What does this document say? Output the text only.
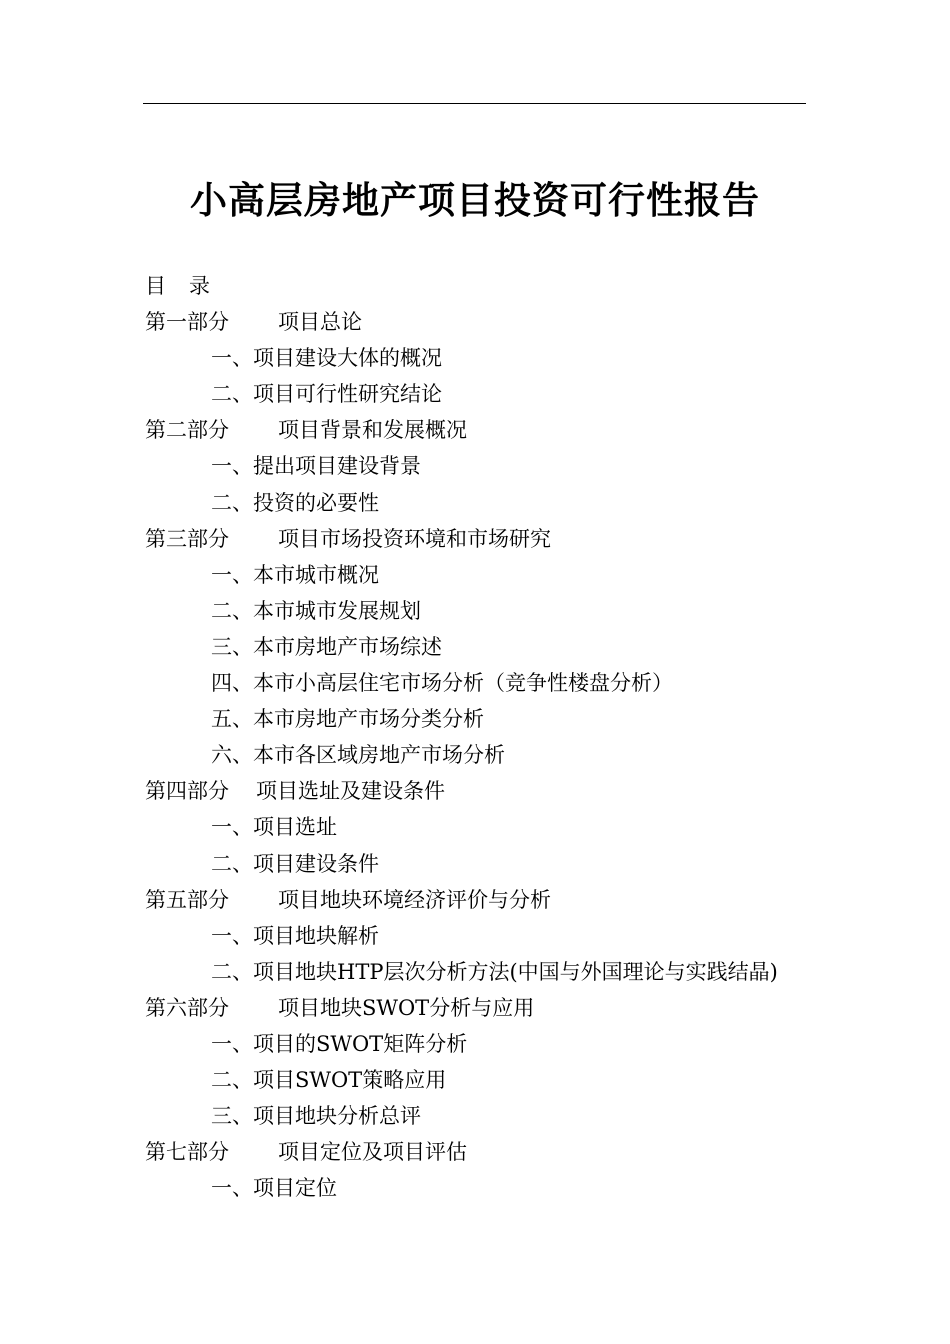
小高层房地产项目投资可行性报告
目 录
第一部分 项目总论
一、项目建设大体的概况
二、项目可行性研究结论
第二部分 项目背景和发展概况
一、提出项目建设背景
二、投资的必要性
第三部分 项目市场投资环境和市场研究
一、本市城市概况
二、本市城市发展规划
三、本市房地产市场综述
四、本市小高层住宅市场分析（竞争性楼盘分析）
五、本市房地产市场分类分析
六、本市各区域房地产市场分析
第四部分 项目选址及建设条件
一、项目选址
二、项目建设条件
第五部分 项目地块环境经济评价与分析
一、项目地块解析
二、项目地块HTP层次分析方法(中国与外国理论与实践结晶)
第六部分 项目地块SWOT分析与应用
一、项目的SWOT矩阵分析
二、项目SWOT策略应用
三、项目地块分析总评
第七部分 项目定位及项目评估
一、项目定位
